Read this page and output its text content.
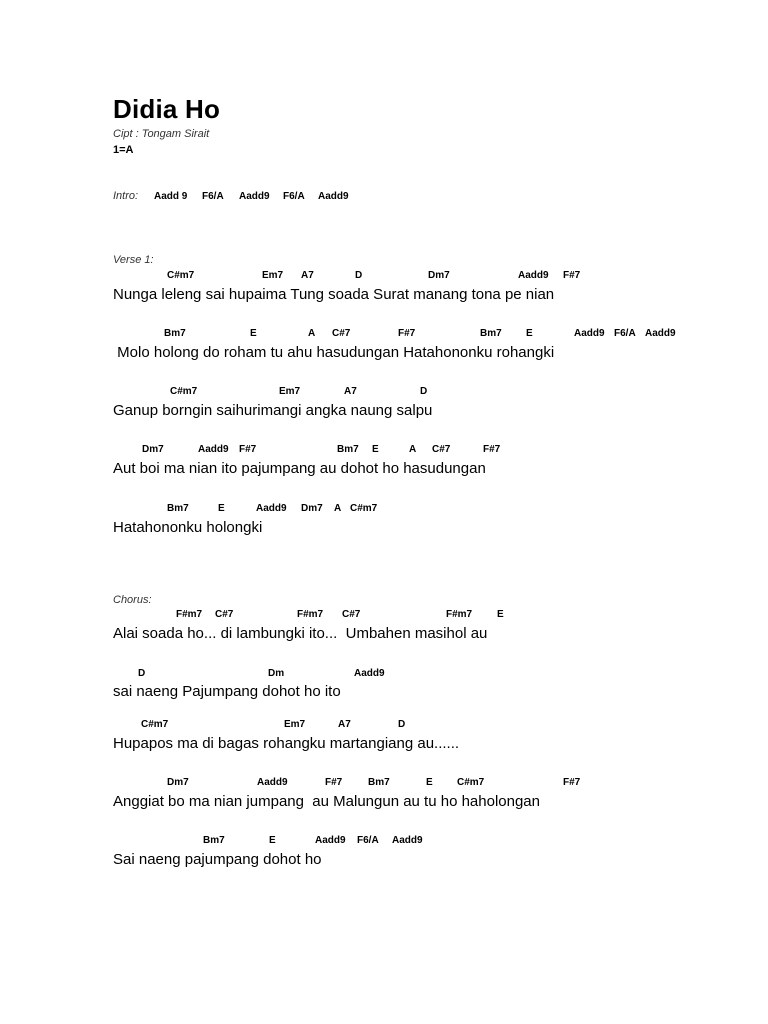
Didia Ho
Cipt : Tongam Sirait
1=A
Intro: Aadd 9 F6/A Aadd9 F6/A Aadd9
Verse 1:
C#m7	Em7 A7	D	Dm7	Aadd9 F#7
Nunga leleng sai hupaima Tung soada Surat manang tona pe nian
Bm7	E	A C#7	F#7	Bm7 E	Aadd9 F6/A Aadd9
Molo holong do roham tu ahu hasudungan Hatahononku rohangki
C#m7	Em7	A7	D
Ganup borngin saihurimangi angka naung salpu
Dm7	Aadd9 F#7	Bm7 E	A C#7	F#7
Aut boi ma nian ito pajumpang au dohot ho hasudungan
Bm7	E	Aadd9 Dm7 A C#m7
Hatahononku holongki
Chorus:
F#m7 C#7	F#m7 C#7	F#m7 E
Alai soada ho... di lambungki ito...  Umbahen masihol au
D	Dm	Aadd9
sai naeng Pajumpang dohot ho ito
C#m7	Em7	A7	D
Hupapos ma di bagas rohangku martangiang au......
Dm7	Aadd9	F#7	Bm7	E C#m7	F#7
Anggiat bo ma nian jumpang  au Malungun au tu ho haholongan
Bm7	E	Aadd9 F6/A Aadd9
Sai naeng pajumpang dohot ho
